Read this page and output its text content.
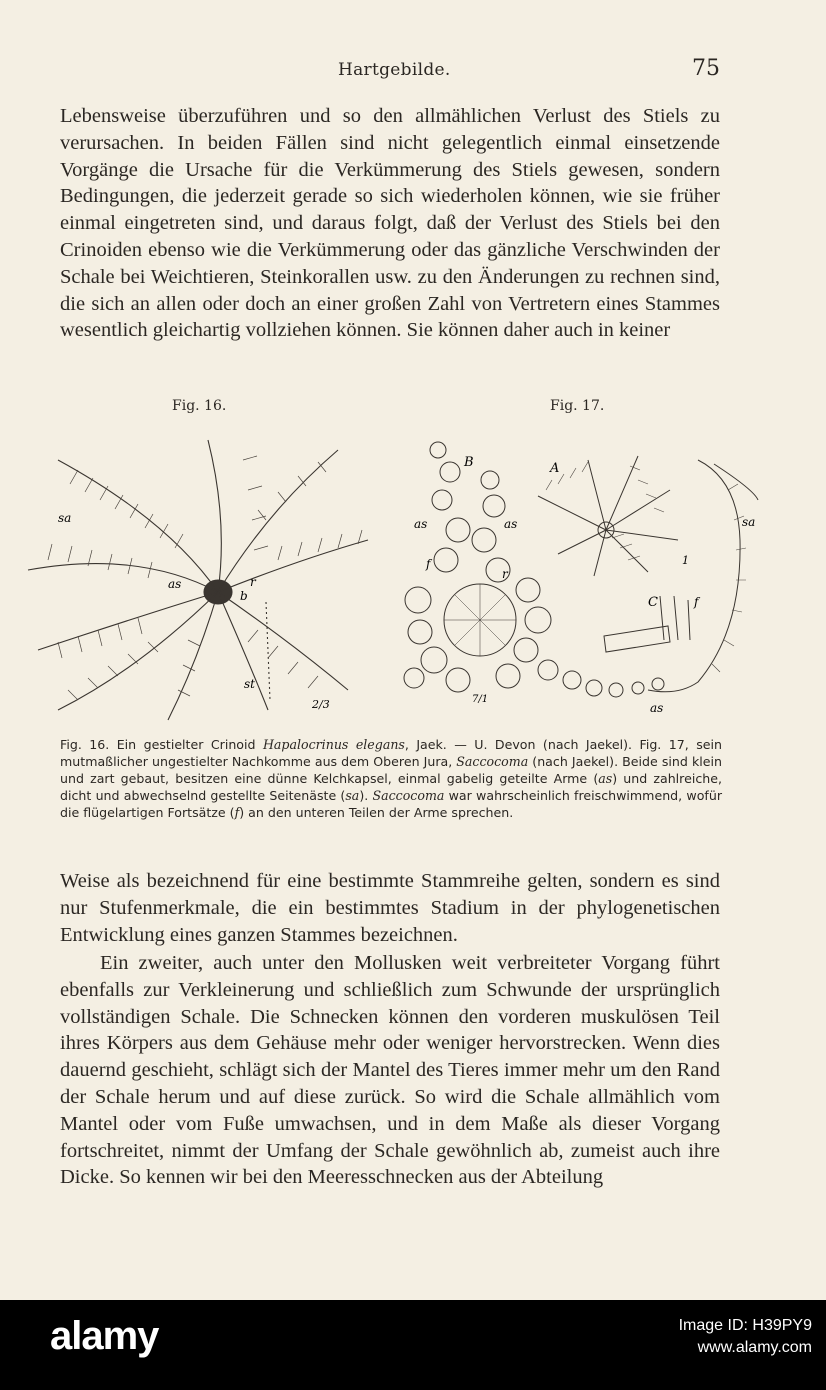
Hartgebilde.	75

Lebensweise überzuführen und so den allmählichen Verlust des Stiels zu verursachen. In beiden Fällen sind nicht gelegentlich einmal einsetzende Vorgänge die Ursache für die Verkümmerung des Stiels gewesen, sondern Bedingungen, die jederzeit gerade so sich wiederholen können, wie sie früher einmal eingetreten sind, und daraus folgt, daß der Verlust des Stiels bei den Crinoiden ebenso wie die Verkümmerung oder das gänzliche Verschwinden der Schale bei Weichtieren, Steinkorallen usw. zu den Änderungen zu rechnen sind, die sich an allen oder doch an einer großen Zahl von Vertretern eines Stammes wesentlich gleichartig vollziehen können. Sie können daher auch in keiner

Fig. 16.	Fig. 17.
sa
as	r
b
st
2/3
B	A
C
as	as
as
f
f
r
sa
1
7/1

Fig. 16. Ein gestielter Crinoid Hapalocrinus elegans, Jaek. — U. Devon (nach Jaekel). Fig. 17, sein mutmaßlicher ungestielter Nachkomme aus dem Oberen Jura, Saccocoma (nach Jaekel). Beide sind klein und zart gebaut, besitzen eine dünne Kelchkapsel, einmal gabelig geteilte Arme (as) und zahlreiche, dicht und abwechselnd gestellte Seitenäste (sa). Saccocoma war wahrscheinlich freischwimmend, wofür die flügelartigen Fortsätze (f) an den unteren Teilen der Arme sprechen.

Weise als bezeichnend für eine bestimmte Stammreihe gelten, sondern es sind nur Stufenmerkmale, die ein bestimmtes Stadium in der phylogenetischen Entwicklung eines ganzen Stammes bezeichnen.

Ein zweiter, auch unter den Mollusken weit verbreiteter Vorgang führt ebenfalls zur Verkleinerung und schließlich zum Schwunde der ursprünglich vollständigen Schale. Die Schnecken können den vorderen muskulösen Teil ihres Körpers aus dem Gehäuse mehr oder weniger hervorstrecken. Wenn dies dauernd geschieht, schlägt sich der Mantel des Tieres immer mehr um den Rand der Schale herum und auf diese zurück. So wird die Schale allmählich vom Mantel oder vom Fuße umwachsen, und in dem Maße als dieser Vorgang fortschreitet, nimmt der Umfang der Schale gewöhnlich ab, zumeist auch ihre Dicke. So kennen wir bei den Meeresschnecken aus der Abteilung

alamy	Image ID: H39PY9
www.alamy.com
